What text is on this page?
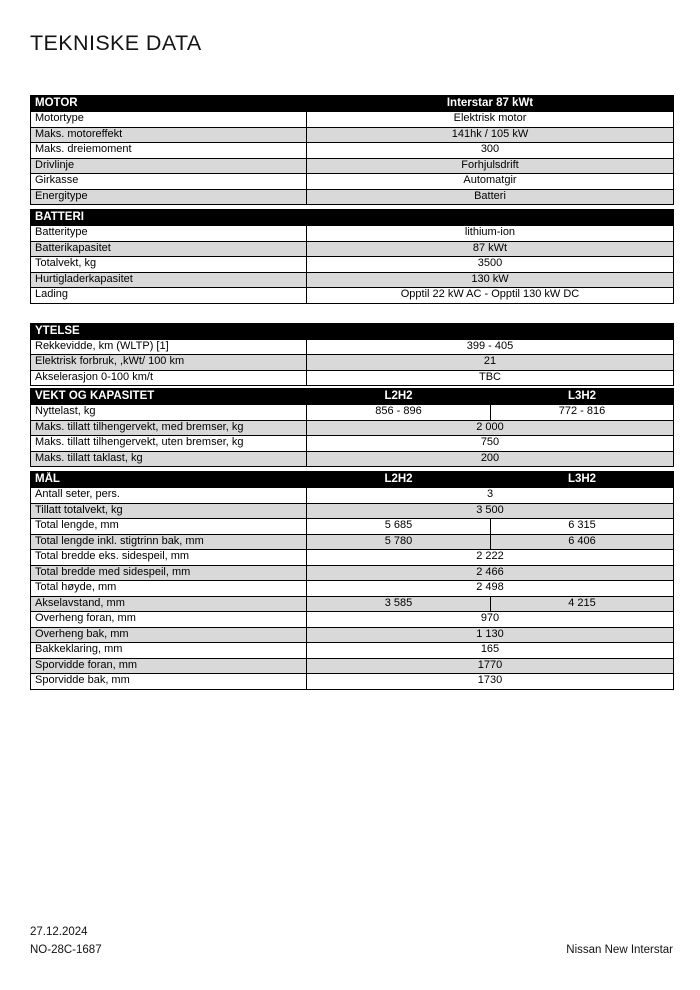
TEKNISKE DATA
MOTOR	Interstar 87 kWt
Motortype	Elektrisk motor
Maks. motoreffekt	141hk / 105 kW
Maks. dreiemoment	300
Drivlinje	Forhjulsdrift
Girkasse	Automatgir
Energitype	Batteri
BATTERI	
Batteritype	lithium-ion
Batterikapasitet	87 kWt
Totalvekt, kg	3500
Hurtigladerkapasitet	130 kW
Lading	Opptil 22 kW AC - Opptil 130 kW DC
YTELSE	
Rekkevidde, km (WLTP) [1]	399 - 405
Elektrisk forbruk, ,kWt/ 100 km	21
Akselerasjon 0-100 km/t	TBC
VEKT OG KAPASITET	L2H2	L3H2
Nyttelast, kg	856 - 896	772 - 816
Maks. tillatt tilhengervekt, med bremser, kg	2 000	
Maks. tillatt tilhengervekt, uten bremser, kg	750	
Maks. tillatt taklast, kg	200	
MÅL	L2H2	L3H2
Antall seter, pers.	3	
Tillatt totalvekt, kg	3 500	
Total lengde, mm	5 685	6 315
Total lengde inkl. stigtrinn bak, mm	5 780	6 406
Total bredde eks. sidespeil, mm	2 222	
Total bredde med sidespeil, mm	2 466	
Total høyde, mm	2 498	
Akselavstand, mm	3 585	4 215
Overheng foran, mm	970	
Overheng bak, mm	1 130	
Bakkeklaring, mm	165	
Sporvidde foran, mm	1770	
Sporvidde bak, mm	1730	
27.12.2024
NO-28C-1687	Nissan New Interstar
